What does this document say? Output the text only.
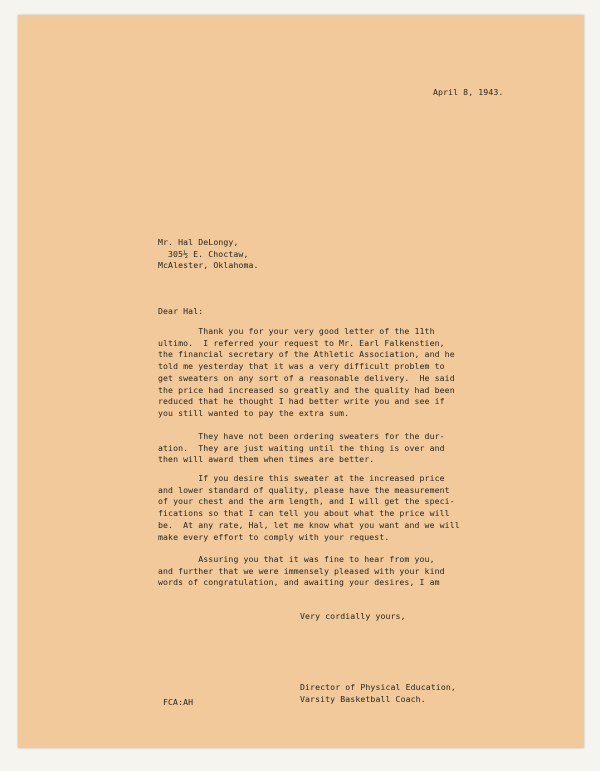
April 8, 1943.
Mr. Hal DeLongy,
305½ E. Choctaw,
McAlester, Oklahoma.
Dear Hal:
Thank you for your very good letter of the 11th
ultimo.  I referred your request to Mr. Earl Falkenstien,
the financial secretary of the Athletic Association, and he
told me yesterday that it was a very difficult problem to
get sweaters on any sort of a reasonable delivery.  He said
the price had increased so greatly and the quality had been
reduced that he thought I had better write you and see if
you still wanted to pay the extra sum.
They have not been ordering sweaters for the dur-
ation.  They are just waiting until the thing is over and
then will award them when times are better.
If you desire this sweater at the increased price
and lower standard of quality, please have the measurement
of your chest and the arm length, and I will get the speci-
fications so that I can tell you about what the price will
be.  At any rate, Hal, let me know what you want and we will
make every effort to comply with your request.
Assuring you that it was fine to hear from you,
and further that we were immensely pleased with your kind
words of congratulation, and awaiting your desires, I am
Very cordially yours,
Director of Physical Education,
Varsity Basketball Coach.
FCA:AH
